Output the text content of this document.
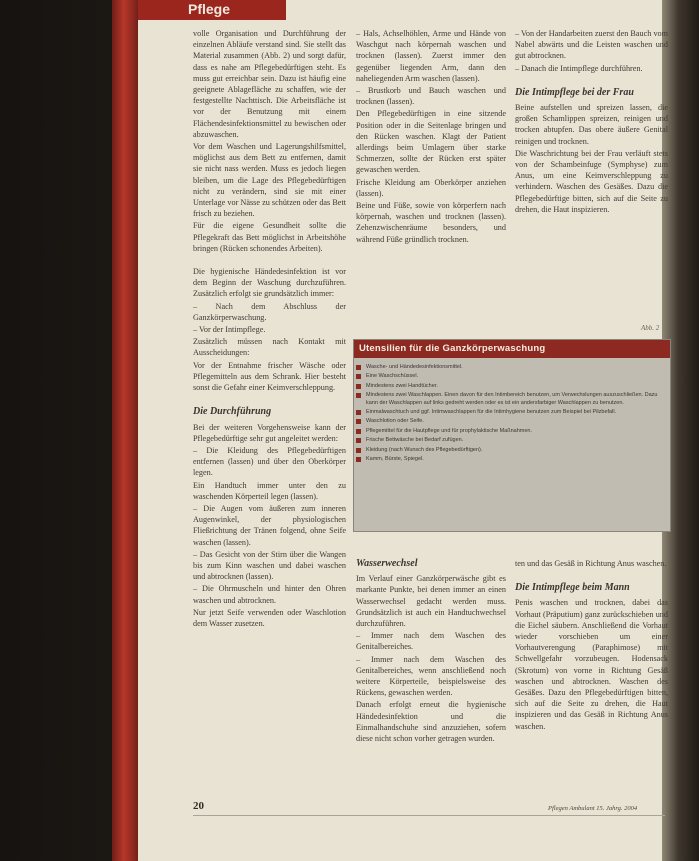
Pflege

volle Organisation und Durchführung der einzelnen Abläufe verstand sind. Sie stellt das Material zusammen (Abb. 2) und sorgt dafür, dass es nahe am Pflegebedürftigen steht. Es muss gut erreichbar sein. Dazu ist häufig eine geeignete Ablagefläche zu schaffen, wie der festgestellte Nachttisch. Die Arbeitsfläche ist vor der Benutzung mit einem Flächendesinfektionsmittel zu bewischen oder abzuwaschen.

Vor dem Waschen und Lagerungshilfsmittel, möglichst aus dem Bett zu entfernen, damit sie nicht nass werden. Muss es jedoch liegen bleiben, um die Lage des Pflegebedürftigen nicht zu verändern, sind sie mit einer Unterlage vor Nässe zu schützen oder das Bett frisch zu beziehen.

Für die eigene Gesundheit sollte die Pflegekraft das Bett möglichst in Arbeitshöhe bringen (Rücken schonendes Arbeiten).

Die hygienische Händedesinfektion ist vor dem Beginn der Waschung durchzuführen. Zusätzlich erfolgt sie grundsätzlich immer:

– Nach dem Abschluss der Ganzkörperwaschung.

– Vor der Intimpflege.

Zusätzlich müssen nach Kontakt mit Ausscheidungen:

Vor der Entnahme frischer Wäsche oder Pflegemitteln aus dem Schrank. Hier besteht sonst die Gefahr einer Keimverschleppung.

Die Durchführung

Bei der weiteren Vorgehensweise kann der Pflegebedürftige sehr gut angeleitet werden:

– Die Kleidung des Pflegebedürftigen entfernen (lassen) und über den Oberkörper legen.

Ein Handtuch immer unter den zu waschenden Körperteil legen (lassen).

– Die Augen vom äußeren zum inneren Augenwinkel, der physiologischen Fließrichtung der Tränen folgend, ohne Seife waschen (lassen).

– Das Gesicht von der Stirn über die Wangen bis zum Kinn waschen und dabei waschen und abtrocknen (lassen).

– Die Ohrmuscheln und hinter den Ohren waschen und abtrocknen.

Nur jetzt Seife verwenden oder Waschlotion dem Wasser zusetzen.

– Hals, Achselhöhlen, Arme und Hände von Waschgut nach körpernah waschen und trocknen (lassen). Zuerst immer den gegenüber liegenden Arm, dann den naheliegenden Arm waschen (lassen).

– Brustkorb und Bauch waschen und trocknen (lassen).

Den Pflegebedürftigen in eine sitzende Position oder in die Seitenlage bringen und den Rücken waschen. Klagt der Patient allerdings beim Umlagern über starke Schmerzen, sollte der Rücken erst später gewaschen werden.

Frische Kleidung am Oberkörper anziehen (lassen).

Beine und Füße, sowie von körperfern nach körpernah, waschen und trocknen (lassen). Zehenzwischenräume besonders, und während Füße gründlich trocknen.

– Von der Handarbeiten zuerst den Bauch vom Nabel abwärts und die Leisten waschen und gut abtrocknen.

– Danach die Intimpflege durchführen.

Die Intimpflege bei der Frau

Beine aufstellen und spreizen lassen, die großen Schamlippen spreizen, reinigen und trocken abtupfen. Das obere äußere Genital reinigen und trocknen.

Die Waschrichtung bei der Frau verläuft stets von der Schambeinfuge (Symphyse) zum Anus, um eine Keimverschleppung zu verhindern. Waschen des Gesäßes. Dazu die Pflegebedürftige bitten, sich auf die Seite zu drehen, die Haut inspizieren.

Abb. 2
Utensilien für die Ganzkörperwaschung
Wasche- und Händedesinfektionsmittel.
Eine Waschschüssel.
Mindestens zwei Handtücher.
Mindestens zwei Waschlappen. Einen davon für den Intimbereich benutzen, um Verwechslungen auszuschließen. Dazu kann der Waschlappen auf links gedreht werden oder es ist ein andersfarbiger Waschlappen zu benutzen.
Einmalwaschtuch und ggf. Intimwaschlappen für die Intimhygiene benutzen zum Beispiel bei Pilzbefall.
Waschlotion oder Seife.
Pflegemittel für die Hautpflege und für prophylaktische Maßnahmen.
Frische Bettwäsche bei Bedarf zufügen.
Kleidung (nach Wunsch des Pflegebedürftigen).
Kamm, Bürste, Spiegel.
Wasserwechsel

Im Verlauf einer Ganzkörperwäsche gibt es markante Punkte, bei denen immer an einen Wasserwechsel gedacht werden muss. Grundsätzlich ist auch ein Handtuchwechsel durchzuführen.

– Immer nach dem Waschen des Genitalbereiches.

– Immer nach dem Waschen des Genitalbereiches, wenn anschließend noch weitere Körperteile, beispielsweise des Rückens, gewaschen werden.

Danach erfolgt erneut die hygienische Händedesinfektion und die Einmalhandschuhe sind anzuziehen, sofern diese nicht schon vorher getragen wurden.

ten und das Gesäß in Richtung Anus waschen.

Die Intimpflege beim Mann

Penis waschen und trocknen, dabei das Vorhaut (Präputium) ganz zurückschieben und die Eichel säubern. Anschließend die Vorhaut wieder vorschieben um einer Vorhautverengung (Paraphimose) mit Schwellgefahr vorzubeugen. Hodensack (Skrotum) von vorne in Richtung Gesäß waschen und abtrocknen. Waschen des Gesäßes. Dazu den Pflegebedürftigen bitten, sich auf die Seite zu drehen, die Haut inspizieren und das Gesäß in Richtung Anus waschen.

20	Pflegen Ambulant 15. Jahrg. 2004
